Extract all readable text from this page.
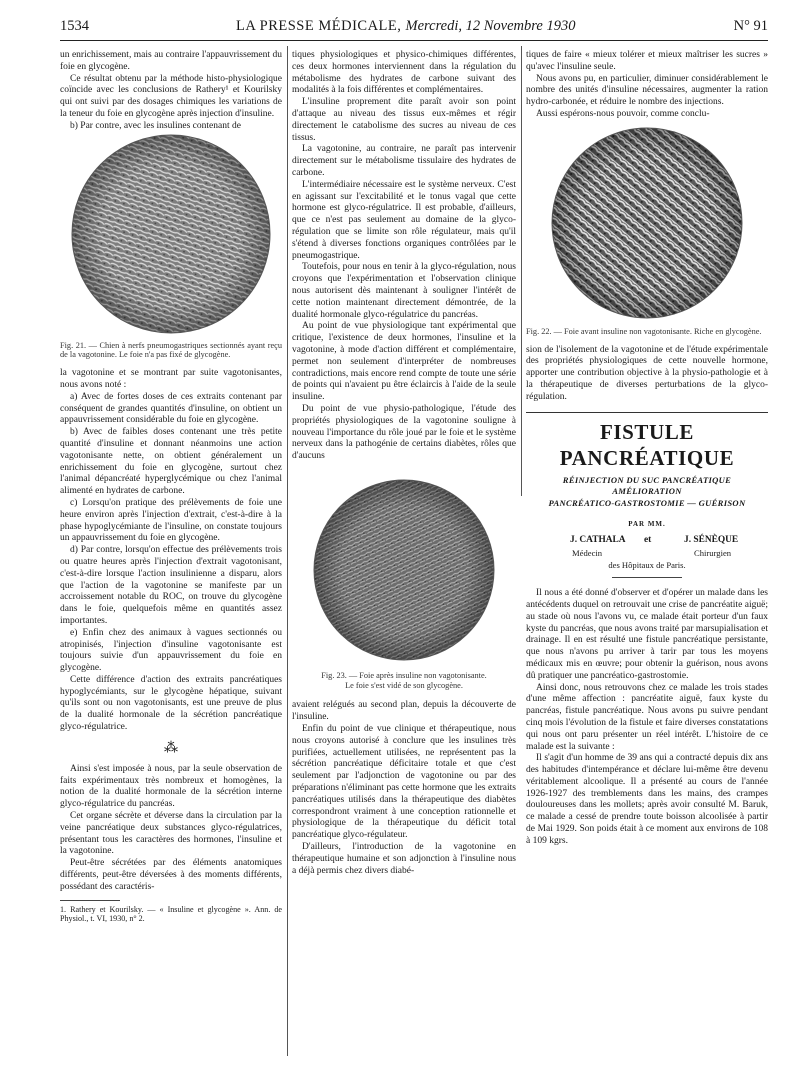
1534	LA PRESSE MÉDICALE, Mercredi, 12 Novembre 1930	N° 91

un enrichissement, mais au contraire l'appauvrissement du foie en glycogène.

Ce résultat obtenu par la méthode histo-physiologique coïncide avec les conclusions de Rathery¹ et Kourilsky qui ont suivi par des dosages chimiques les variations de la teneur du foie en glycogène après injection d'insuline.

b) Par contre, avec les insulines contenant de

Fig. 21. — Chien à nerfs pneumogastriques sectionnés ayant reçu de la vagotonine. Le foie n'a pas fixé de glycogène.

la vagotonine et se montrant par suite vagotonisantes, nous avons noté :

a) Avec de fortes doses de ces extraits contenant par conséquent de grandes quantités d'insuline, on obtient un appauvrissement considérable du foie en glycogène.

b) Avec de faibles doses contenant une très petite quantité d'insuline et donnant néanmoins une action vagotonisante nette, on obtient généralement un enrichissement du foie en glycogène, surtout chez l'animal dépancréaté hyperglycémique ou chez l'animal alimenté en hydrates de carbone.

c) Lorsqu'on pratique des prélèvements de foie une heure environ après l'injection d'extrait, c'est-à-dire à la phase hypoglycémiante de l'insuline, on constate toujours un appauvrissement du foie en glycogène.

d) Par contre, lorsqu'on effectue des prélèvements trois ou quatre heures après l'injection d'extrait vagotonisant, c'est-à-dire lorsque l'action insulinienne a disparu, alors que l'action de la vagotonine se manifeste par un accroissement notable du ROC, on trouve du glycogène dans le foie, quelquefois même en quantités assez importantes.

e) Enfin chez des animaux à vagues sectionnés ou atropinisés, l'injection d'insuline vagotonisante est toujours suivie d'un appauvrissement du foie en glycogène.

Cette différence d'action des extraits pancréatiques hypoglycémiants, sur le glycogène hépatique, suivant qu'ils sont ou non vagotonisants, est une preuve de plus de la dualité hormonale de la sécrétion pancréatique glyco-régulatrice.

⁂

Ainsi s'est imposée à nous, par la seule observation de faits expérimentaux très nombreux et homogènes, la notion de la dualité hormonale de la sécrétion interne glyco-régulatrice du pancréas.

Cet organe sécrète et déverse dans la circulation par la veine pancréatique deux substances glyco-régulatrices, présentant tous les caractères des hormones, l'insuline et la vagotonine.

Peut-être sécrétées par des éléments anatomiques différents, peut-être déversées à des moments différents, possédant des caractéris-

1. Rathery et Kourilsky. — « Insuline et glycogène ». Ann. de Physiol., t. VI, 1930, n° 2.

tiques physiologiques et physico-chimiques différentes, ces deux hormones interviennent dans la régulation du métabolisme des hydrates de carbone suivant des modalités à la fois différentes et complémentaires.

L'insuline proprement dite paraît avoir son point d'attaque au niveau des tissus eux-mêmes et régir directement le catabolisme des sucres au niveau de ces tissus.

La vagotonine, au contraire, ne paraît pas intervenir directement sur le métabolisme tissulaire des hydrates de carbone.

L'intermédiaire nécessaire est le système nerveux. C'est en agissant sur l'excitabilité et le tonus vagal que cette hormone est glyco-régulatrice. Il est probable, d'ailleurs, que ce n'est pas seulement au domaine de la glyco-régulation que se limite son rôle régulateur, mais qu'il s'étend à diverses fonctions organiques contrôlées par le pneumogastrique.

Toutefois, pour nous en tenir à la glyco-régulation, nous croyons que l'expérimentation et l'observation clinique nous autorisent dès maintenant à souligner l'intérêt de cette notion maintenant directement démontrée, de la dualité hormonale glyco-régulatrice du pancréas.

Au point de vue physiologique tant expérimental que critique, l'existence de deux hormones, l'insuline et la vagotonine, à mode d'action différent et complémentaire, permet non seulement d'interpréter de nombreuses contradictions, mais encore rend compte de toute une série de points qui n'avaient pu être éclaircis à l'aide de la seule insuline.

Du point de vue physio-pathologique, l'étude des propriétés physiologiques de la vagotonine souligne à nouveau l'importance du rôle joué par le foie et le système nerveux dans la pathogénie de certains diabètes, rôles que d'aucuns

Fig. 23. — Foie après insuline non vagotonisante.
Le foie s'est vidé de son glycogène.

avaient relégués au second plan, depuis la découverte de l'insuline.

Enfin du point de vue clinique et thérapeutique, nous nous croyons autorisé à conclure que les insulines très purifiées, actuellement utilisées, ne représentent pas la sécrétion pancréatique déficitaire totale et que c'est seulement par l'adjonction de vagotonine ou par des préparations n'éliminant pas cette hormone que les extraits pancréatiques utilisés dans la thérapeutique des diabètes correspondront vraiment à une conception rationnelle et physiologique de la thérapeutique du déficit total pancréatique glyco-régulateur.

D'ailleurs, l'introduction de la vagotonine en thérapeutique humaine et son adjonction à l'insuline nous a déjà permis chez divers diabé-

tiques de faire « mieux tolérer et mieux maîtriser les sucres » qu'avec l'insuline seule.

Nous avons pu, en particulier, diminuer considérablement le nombre des unités d'insuline nécessaires, augmenter la ration hydro-carbonée, et réduire le nombre des injections.

Aussi espérons-nous pouvoir, comme conclu-

Fig. 22. — Foie avant insuline non vagotonisante. Riche en glycogène.

sion de l'isolement de la vagotonine et de l'étude expérimentale des propriétés physiologiques de cette nouvelle hormone, apporter une contribution objective à la physio-pathologie et à la thérapeutique de diverses perturbations de la glyco-régulation.

FISTULE PANCRÉATIQUE
RÉINJECTION DU SUC PANCRÉATIQUE
AMÉLIORATION
PANCRÉATICO-GASTROSTOMIE — GUÉRISON
PAR MM.
J. CATHALA et	J. SÉNÈQUE
Médecin	Chirurgien
des Hôpitaux de Paris.

Il nous a été donné d'observer et d'opérer un malade dans les antécédents duquel on retrouvait une crise de pancréatite aiguë; au stade où nous l'avons vu, ce malade était porteur d'un faux kyste du pancréas, que nous avons traité par marsupialisation et drainage. Il en est résulté une fistule pancréatique persistante, que nous n'avons pu arriver à tarir par tous les moyens médicaux mis en œuvre; pour obtenir la guérison, nous avons dû pratiquer une pancréatico-gastrostomie.

Ainsi donc, nous retrouvons chez ce malade les trois stades d'une même affection : pancréatite aiguë, faux kyste du pancréas, fistule pancréatique. Nous avons pu suivre pendant cinq mois l'évolution de la fistule et faire diverses constatations qui nous ont paru présenter un réel intérêt. L'histoire de ce malade est la suivante :

Il s'agit d'un homme de 39 ans qui a contracté depuis dix ans des habitudes d'intempérance et déclare lui-même être devenu véritablement alcoolique. Il a présenté au cours de l'année 1926-1927 des tremblements dans les mains, des crampes douloureuses dans les mollets; après avoir consulté M. Baruk, ce malade a cessé de prendre toute boisson alcoolisée à partir de Mai 1929. Son poids était à ce moment aux environs de 108 à 109 kgrs.
